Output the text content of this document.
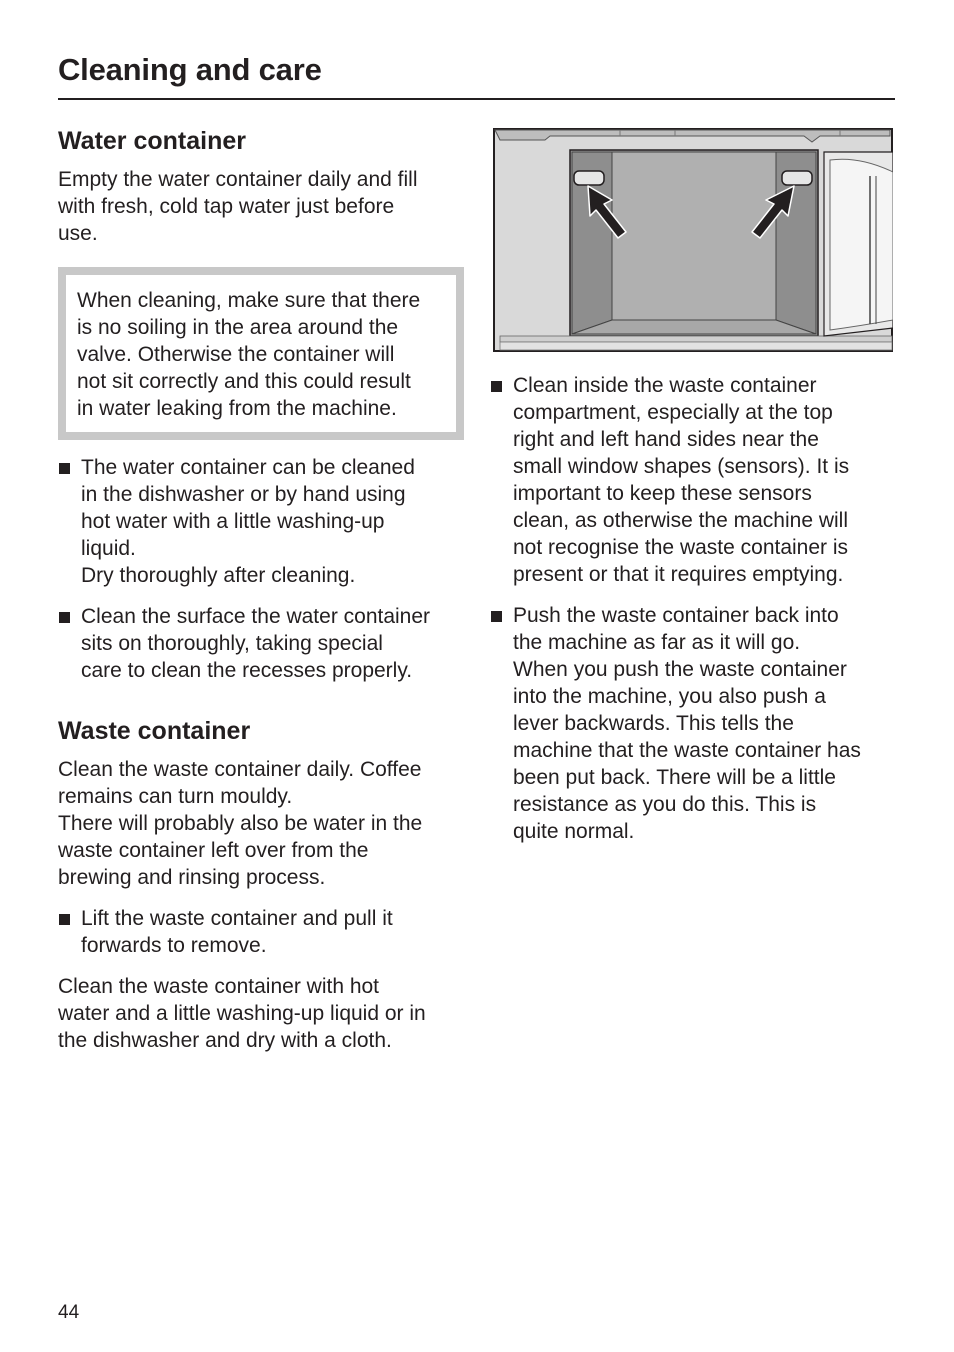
Cleaning and care
Water container

Empty the water container daily and fill
with fresh, cold tap water just before
use.

When cleaning, make sure that there
is no soiling in the area around the
valve. Otherwise the container will
not sit correctly and this could result
in water leaking from the machine.

The water container can be cleaned
in the dishwasher or by hand using
hot water with a little washing-up
liquid.
Dry thoroughly after cleaning.
Clean the surface the water container
sits on thoroughly, taking special
care to clean the recesses properly.
Waste container

Clean the waste container daily. Coffee
remains can turn mouldy.
There will probably also be water in the
waste container left over from the
brewing and rinsing process.

Lift the waste container and pull it
forwards to remove.

Clean the waste container with hot
water and a little washing-up liquid or in
the dishwasher and dry with a cloth.

Clean inside the waste container
compartment, especially at the top
right and left hand sides near the
small window shapes (sensors). It is
important to keep these sensors
clean, as otherwise the machine will
not recognise the waste container is
present or that it requires emptying.
Push the waste container back into
the machine as far as it will go.
When you push the waste container
into the machine, you also push a
lever backwards. This tells the
machine that the waste container has
been put back. There will be a little
resistance as you do this. This is
quite normal.
44
